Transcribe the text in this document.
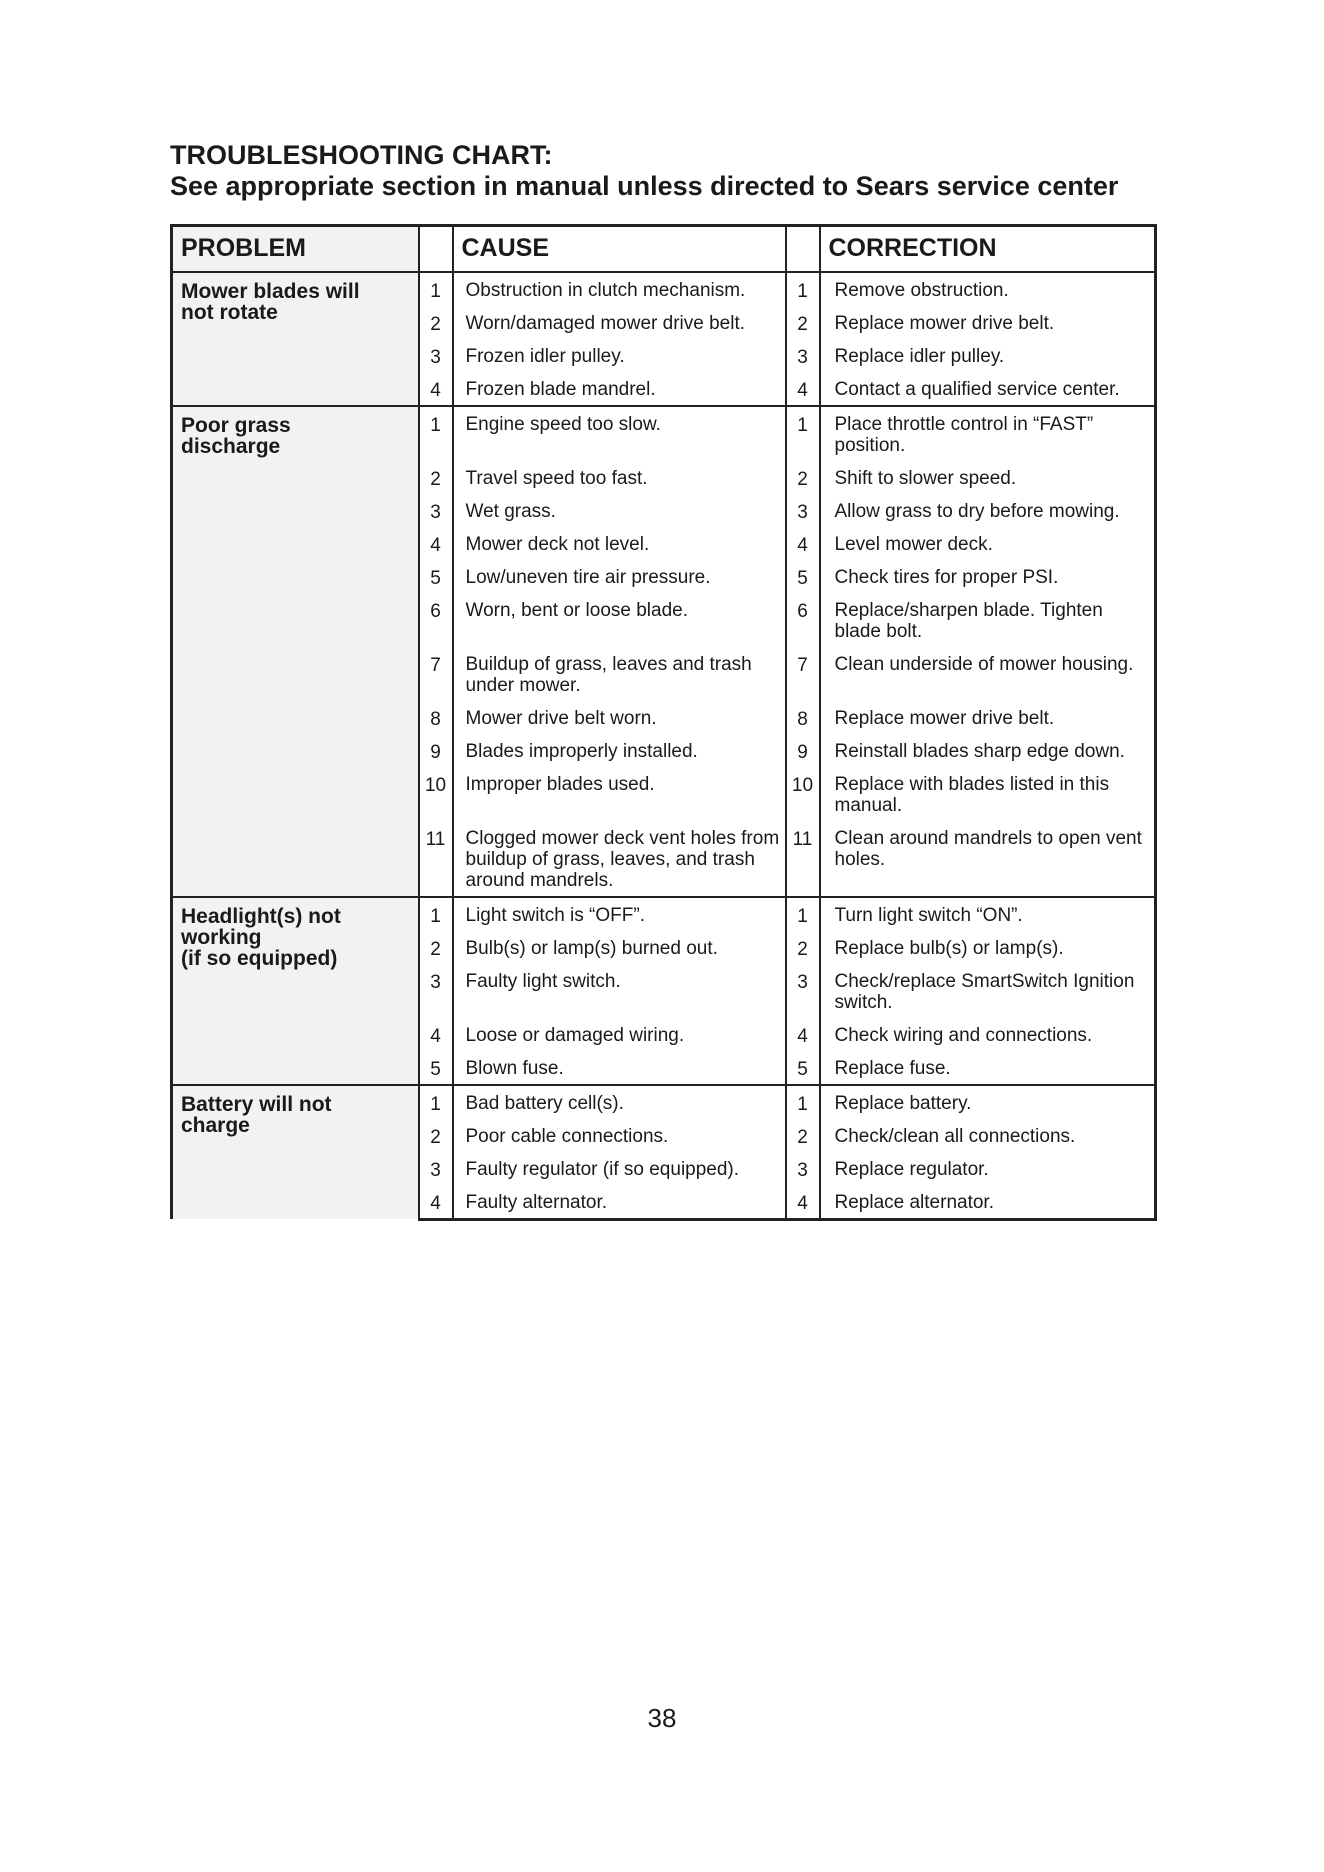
TROUBLESHOOTING CHART:
See appropriate section in manual unless directed to Sears service center
PROBLEM		CAUSE		CORRECTION

Mower blades will
not rotate	1	Obstruction in clutch mechanism.	1	Remove obstruction.
	2	Worn/damaged mower drive belt.	2	Replace mower drive belt.
	3	Frozen idler pulley.	3	Replace idler pulley.
	4	Frozen blade mandrel.	4	Contact a qualified service center.

Poor grass
discharge	1	Engine speed too slow.	1	Place throttle control in “FAST” position.
	2	Travel speed too fast.	2	Shift to slower speed.
	3	Wet grass.	3	Allow grass to dry before mowing.
	4	Mower deck not level.	4	Level mower deck.
	5	Low/uneven tire air pressure.	5	Check tires for proper PSI.
	6	Worn, bent or loose blade.	6	Replace/sharpen blade. Tighten blade bolt.
	7	Buildup of grass, leaves and trash under mower.	7	Clean underside of mower housing.
	8	Mower drive belt worn.	8	Replace mower drive belt.
	9	Blades improperly installed.	9	Reinstall blades sharp edge down.
	10	Improper blades used.	10	Replace with blades listed in this manual.
	11	Clogged mower deck vent holes from buildup of grass, leaves, and trash around mandrels.	11	Clean around mandrels to open vent holes.

Headlight(s) not
working
(if so equipped)	1	Light switch is “OFF”.	1	Turn light switch “ON”.
	2	Bulb(s) or lamp(s) burned out.	2	Replace bulb(s) or lamp(s).
	3	Faulty light switch.	3	Check/replace SmartSwitch Ignition switch.
	4	Loose or damaged wiring.	4	Check wiring and connections.
	5	Blown fuse.	5	Replace fuse.

Battery will not
charge	1	Bad battery cell(s).	1	Replace battery.
	2	Poor cable connections.	2	Check/clean all connections.
	3	Faulty regulator (if so equipped).	3	Replace regulator.
	4	Faulty alternator.	4	Replace alternator.
38
